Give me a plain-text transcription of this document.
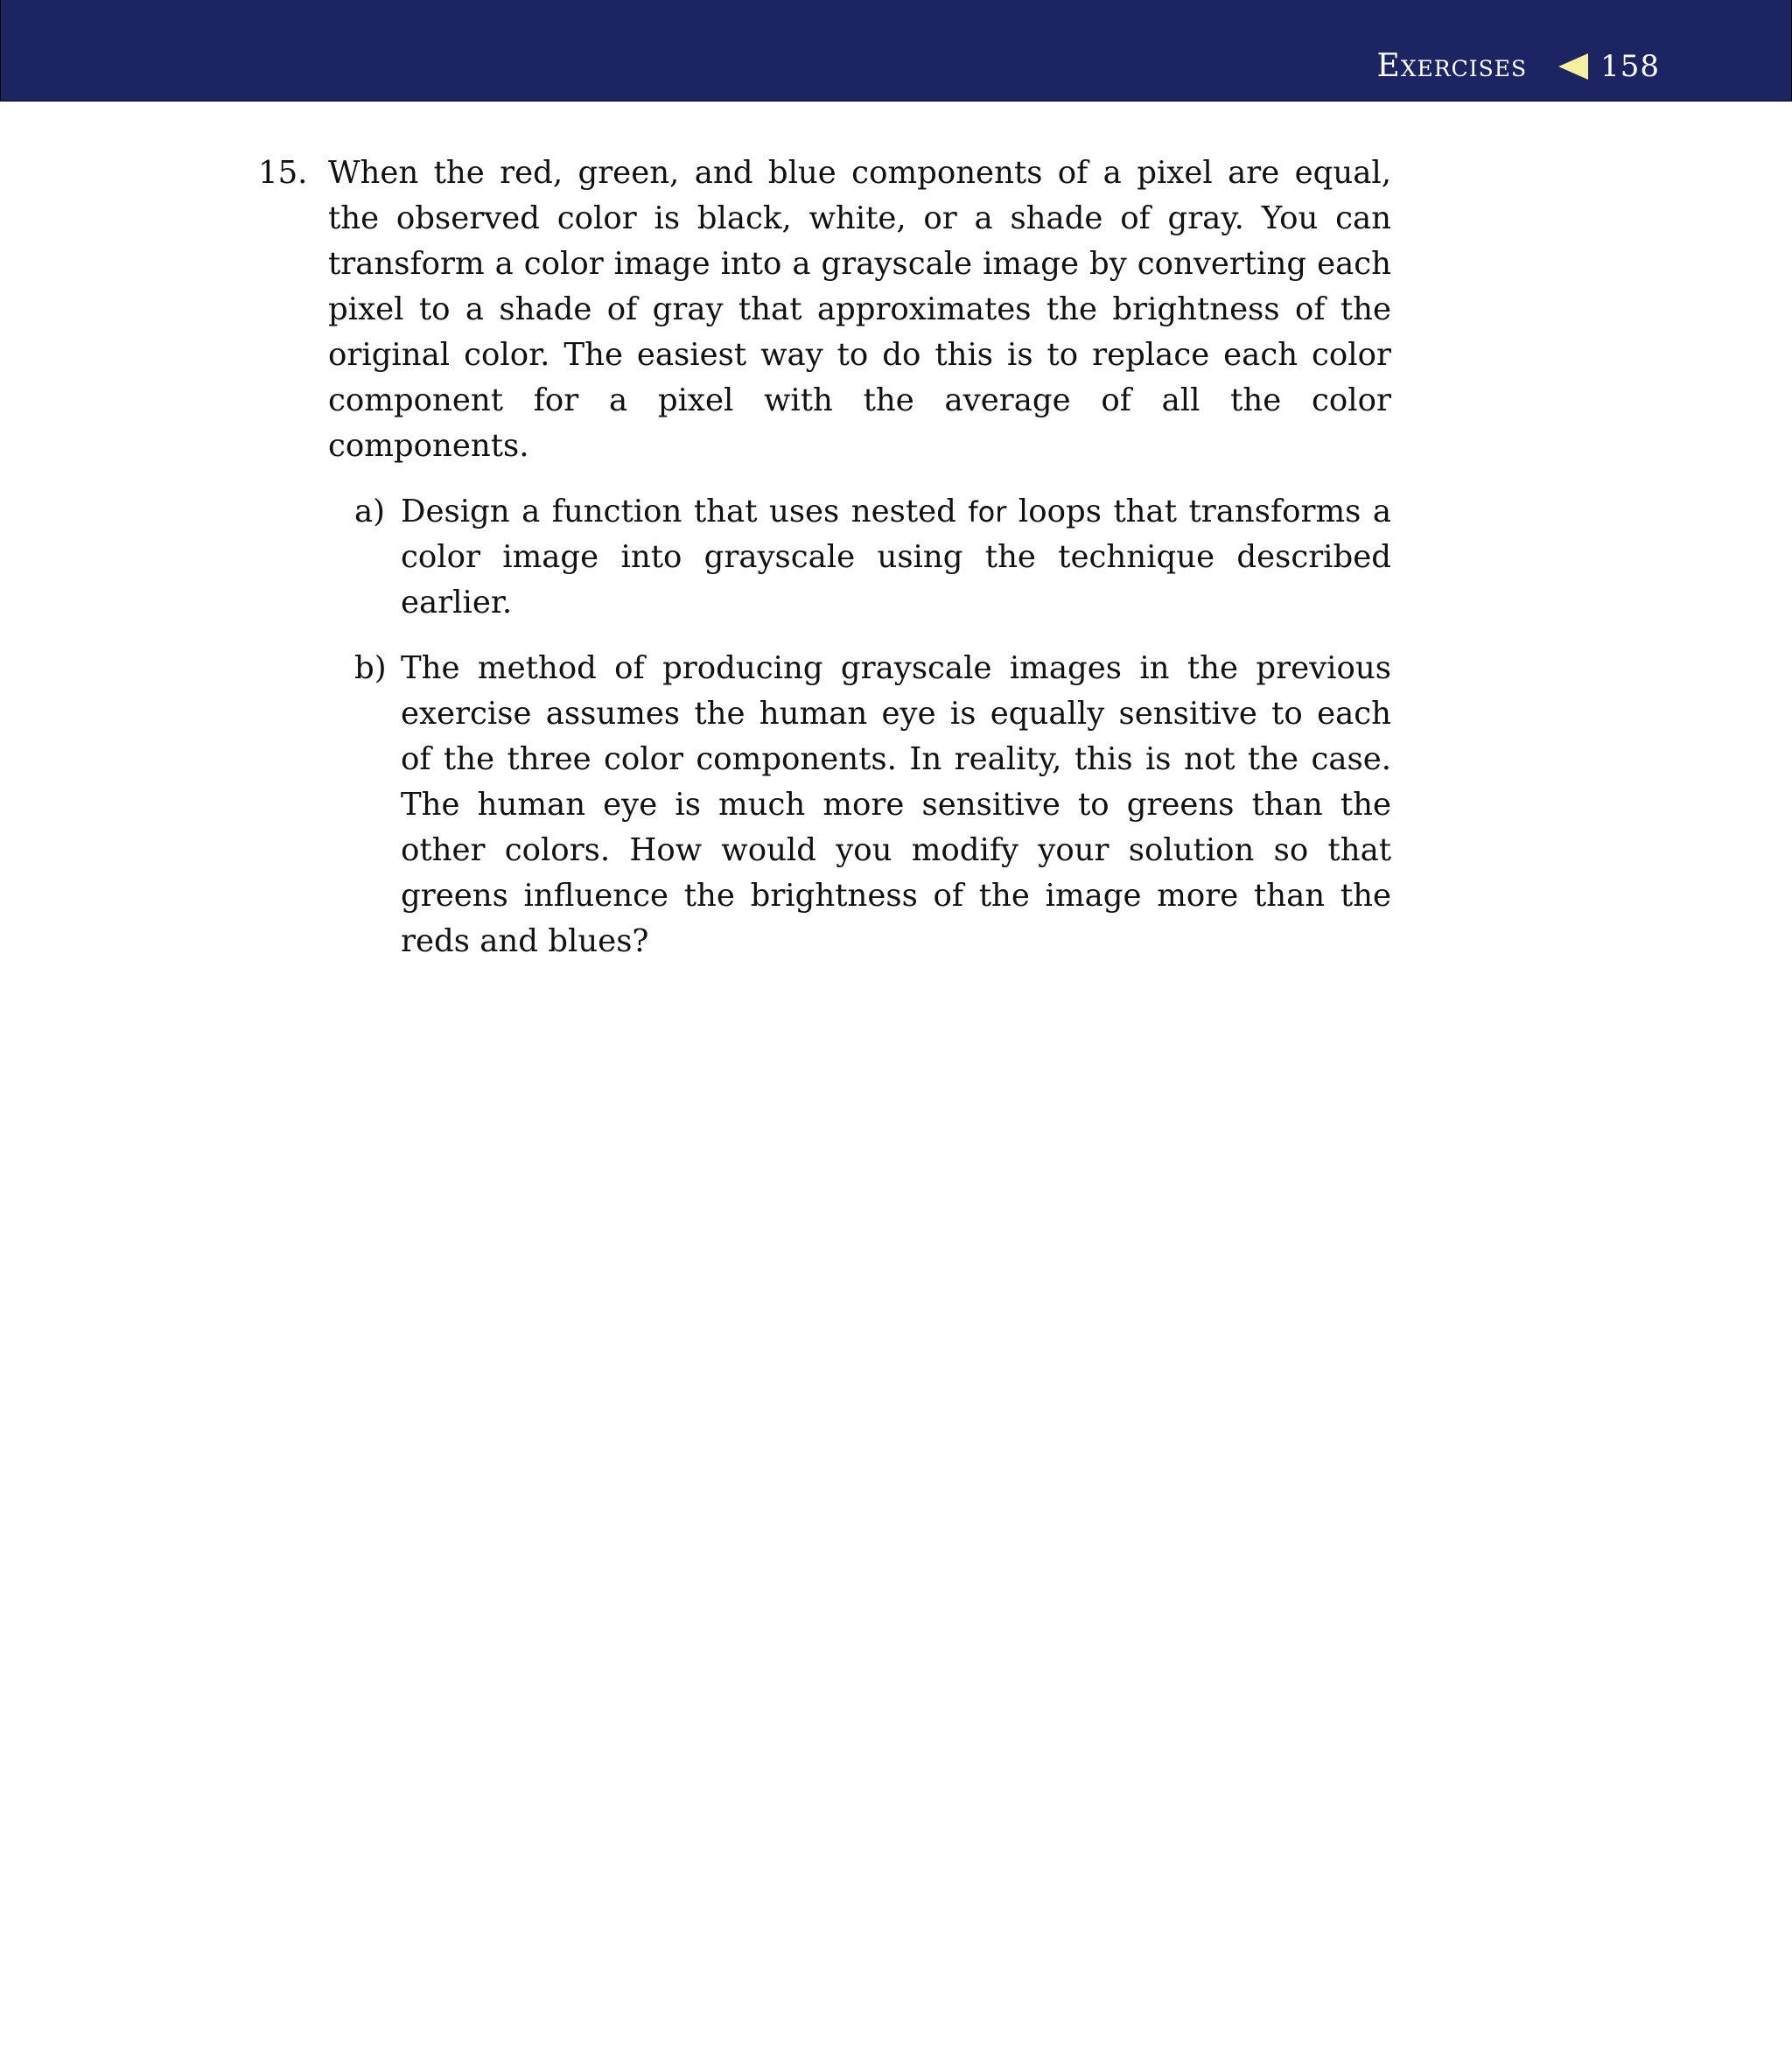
Exercises 158
15. When the red, green, and blue components of a pixel are equal, the observed color is black, white, or a shade of gray. You can transform a color image into a grayscale image by converting each pixel to a shade of gray that approximates the brightness of the original color. The easiest way to do this is to replace each color component for a pixel with the average of all the color components.

a) Design a function that uses nested for loops that transforms a color image into grayscale using the technique described earlier.

b) The method of producing grayscale images in the previous exercise assumes the human eye is equally sensitive to each of the three color components. In reality, this is not the case. The human eye is much more sensitive to greens than the other colors. How would you modify your solution so that greens influence the brightness of the image more than the reds and blues?
